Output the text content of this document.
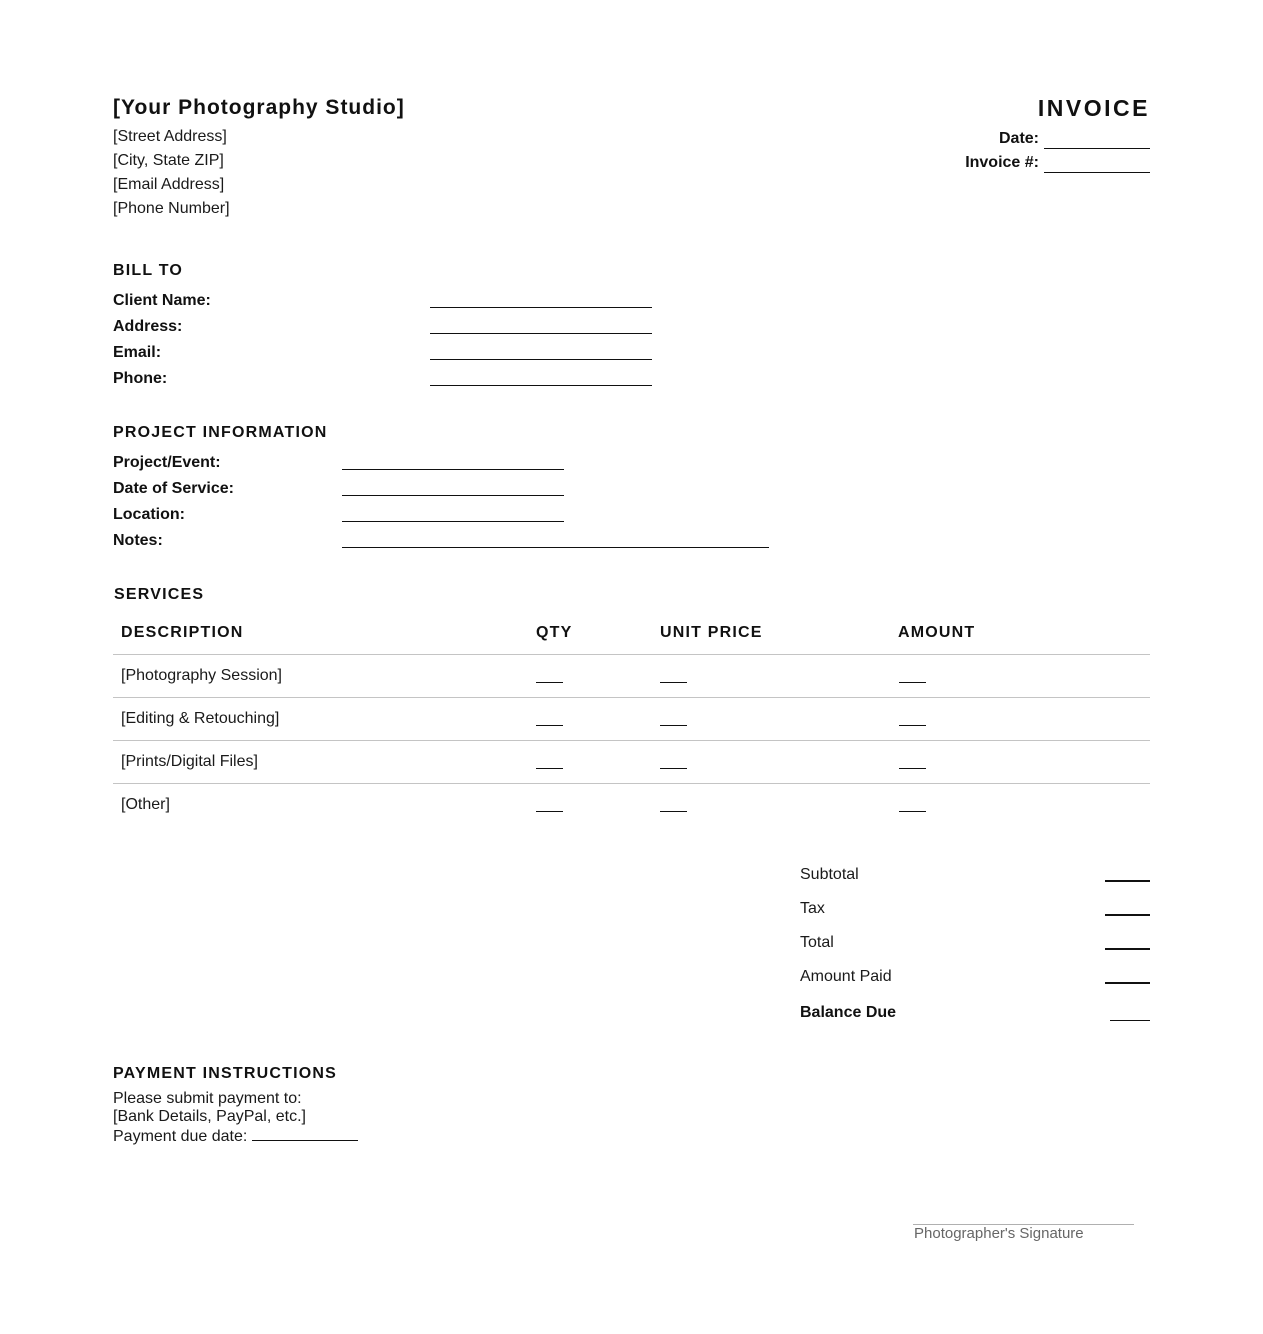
[Your Photography Studio]
[Street Address]
[City, State ZIP]
[Email Address]
[Phone Number]
INVOICE
Date:
Invoice #:
BILL TO
Client Name:
Address:
Email:
Phone:
PROJECT INFORMATION
Project/Event:
Date of Service:
Location:
Notes:
SERVICES
DESCRIPTION	QTY	UNIT PRICE	AMOUNT
[Photography Session]
[Editing & Retouching]
[Prints/Digital Files]
[Other]
Subtotal
Tax
Total
Amount Paid
Balance Due
PAYMENT INSTRUCTIONS
Please submit payment to:
[Bank Details, PayPal, etc.]
Payment due date:
Photographer's Signature
